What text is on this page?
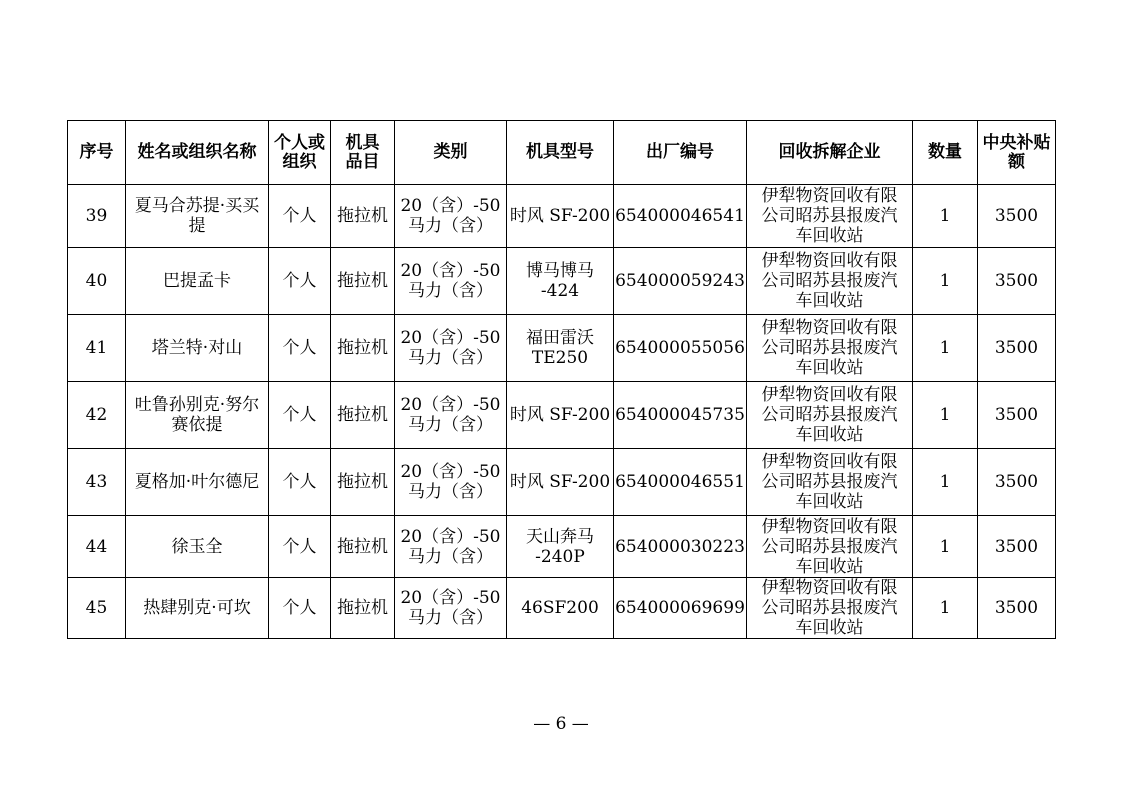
序号	姓名或组织名称	个人或
组织	机具
品目	类别	机具型号	出厂编号	回收拆解企业	数量	中央补贴
额
39	夏马合苏提·买买
提	个人	拖拉机	20（含）-50
马力（含）	时风 SF-200	654000046541	伊犁物资回收有限
公司昭苏县报废汽
车回收站	1	3500
40	巴提孟卡	个人	拖拉机	20（含）-50
马力（含）	博马博马
-424	654000059243	伊犁物资回收有限
公司昭苏县报废汽
车回收站	1	3500
41	塔兰特·对山	个人	拖拉机	20（含）-50
马力（含）	福田雷沃
TE250	654000055056	伊犁物资回收有限
公司昭苏县报废汽
车回收站	1	3500
42	吐鲁孙别克·努尔
赛依提	个人	拖拉机	20（含）-50
马力（含）	时风 SF-200	654000045735	伊犁物资回收有限
公司昭苏县报废汽
车回收站	1	3500
43	夏格加·叶尔德尼	个人	拖拉机	20（含）-50
马力（含）	时风 SF-200	654000046551	伊犁物资回收有限
公司昭苏县报废汽
车回收站	1	3500
44	徐玉全	个人	拖拉机	20（含）-50
马力（含）	天山奔马
-240P	654000030223	伊犁物资回收有限
公司昭苏县报废汽
车回收站	1	3500
45	热肆别克·可坎	个人	拖拉机	20（含）-50
马力（含）	46SF200	654000069699	伊犁物资回收有限
公司昭苏县报废汽
车回收站	1	3500
— 6 —
